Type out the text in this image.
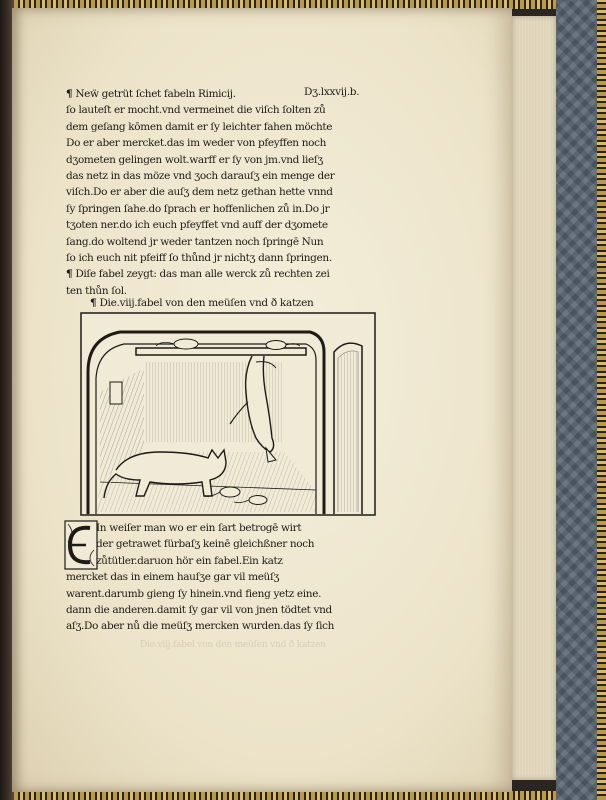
¶ Neẅ getrüt ſchet fabeln Rimicij.
ſo lauteſt er mocht.vnd vermeinet die viſch ſolten zů
dem geſang kōmen damit er ſy leichter fahen möchte
Do er aber mercket.das im weder von pfeyffen noch
dʒometen gelingen wolt.warff er ſy von jm.vnd lieſʒ
das netz in das möze vnd ʒoch darauſʒ ein menge der
viſch.Do er aber die auſʒ dem netz gethan hette vnnd
ſy ſpringen ſahe.do ſprach er hoffenlichen zů in.Do jr
tʒoten ner.do ich euch pfeyffet vnd auff der dʒomete
ſang.do woltend jr weder tantzen noch ſpringē Nun
ſo ich euch nit pfeiff ſo thůnd jr nichtʒ dann ſpringen.
¶ Diſe fabel zeygt: das man alle werck zů rechten zei
ten thůn ſol.
Dʒ.lxxvij.b.
¶ Die.viij.fabel von den meüſen vnd ð katzen
In weiſer man wo er ein ſart betrogē wirt
der getrawet fürbaſʒ keinē gleichßner noch
zůtütler.daruon hör ein fabel.Ein katz
mercket das in einem hauſʒe gar vil meüſʒ
warent.darumb gieng ſy hinein.vnd fieng yetz eine.
dann die anderen.damit ſy gar vil von jnen tödtet vnd
aſʒ.Do aber nů die meüſʒ mercken wurden.das ſy ſich
Die.viij.fabel von den meüſen vnd ð katzen
